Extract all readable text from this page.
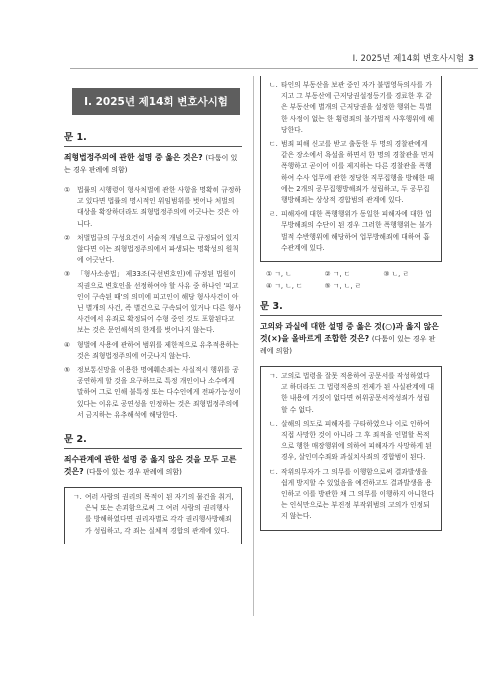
Ⅰ. 2025년 제14회 변호사시험 3
Ⅰ. 2025년 제14회 변호사시험
문 1.
죄형법정주의에 관한 설명 중 옳은 것은? (다툼이 있는 경우 판례에 의함)
① 법률의 시행령이 형사처벌에 관한 사항을 명확히 규정하고 있다면 법률의 명시적인 위임범위를 벗어나 처벌의 대상을 확장하더라도 죄형법정주의에 어긋나는 것은 아니다.
② 처벌법규의 구성요건이 서술적 개념으로 규정되어 있지 않다면 이는 죄형법정주의에서 파생되는 명확성의 원칙에 어긋난다.
③ 「형사소송법」 제33조(국선변호인)에 규정된 법원이 직권으로 변호인을 선정하여야 할 사유 중 하나인 '피고인이 구속된 때'의 의미에 피고인이 해당 형사사건이 아닌 별개의 사건, 즉 별건으로 구속되어 있거나 다른 형사사건에서 유죄로 확정되어 수형 중인 것도 포함된다고 보는 것은 문언해석의 한계를 벗어나지 않는다.
④ 형벌에 사용에 관하여 범위를 제한적으로 유추적용하는 것은 죄형법정주의에 어긋나지 않는다.
⑤ 정보통신망을 이용한 명예훼손죄는 사실적시 행위를 공공연하게 할 것을 요구하므로 특정 개인이나 소수에게 말하여 그로 인해 불특정 또는 다수인에게 전파가능성이 있다는 이유로 공연성을 인정하는 것은 죄형법정주의에서 금지하는 유추해석에 해당한다.
문 2.
죄수관계에 관한 설명 중 옳지 않은 것을 모두 고른 것은? (다툼이 있는 경우 판례에 의함)
ㄱ. 여러 사람의 권리의 목적이 된 자기의 물건을 취거, 은닉 또는 손괴함으로써 그 여러 사람의 권리행사를 방해하였다면 권리자별로 각각 권리행사방해죄가 성립하고, 각 죄는 실체적 경합의 관계에 있다.
ㄴ. 타인의 부동산을 보관 중인 자가 불법영득의사를 가지고 그 부동산에 근저당권설정등기를 경료한 후 같은 부동산에 별개의 근저당권을 설정한 행위는 특별한 사정이 없는 한 횡령죄의 불가벌적 사후행위에 해당한다.
ㄷ. 범죄 피해 신고를 받고 출동한 두 명의 경찰관에게 같은 장소에서 욕설을 하면서 한 명의 경찰관을 먼저 폭행하고 곧이어 이를 제지하는 다른 경찰관을 폭행하여 수사 업무에 관한 정당한 직무집행을 방해한 때에는 2개의 공무집행방해죄가 성립하고, 두 공무집행방해죄는 상상적 경합범의 관계에 있다.
ㄹ. 피해자에 대한 폭행행위가 동일한 피해자에 대한 업무방해죄의 수단이 된 경우 그러한 폭행행위는 불가벌적 수반행위에 해당하여 업무방해죄에 대하여 흡수관계에 있다.
① ㄱ, ㄴ	② ㄱ, ㄷ	③ ㄴ, ㄹ
④ ㄱ, ㄴ, ㄷ	⑤ ㄱ, ㄴ, ㄹ
문 3.
고의와 과실에 대한 설명 중 옳은 것(○)과 옳지 않은 것(×)을 올바르게 조합한 것은? (다툼이 있는 경우 판례에 의함)
ㄱ. 고의로 법령을 잘못 적용하여 공문서를 작성하였다고 하더라도 그 법령적용의 전제가 된 사실관계에 대한 내용에 거짓이 없다면 허위공문서작성죄가 성립할 수 없다.
ㄴ. 살해의 의도로 피해자를 구타하였으나 이로 인하여 직접 사망한 것이 아니라 그 후 죄적을 인멸할 목적으로 행한 매장행위에 의하여 피해자가 사망하게 된 경우, 살인미수죄와 과실치사죄의 경합범이 된다.
ㄷ. 작위의무자가 그 의무를 이행함으로써 결과발생을 쉽게 방지할 수 있었음을 예견하고도 결과발생을 용인하고 이를 방관한 채 그 의무를 이행하지 아니한다는 인식만으로는 부진정 부작위범의 고의가 인정되지 않는다.
